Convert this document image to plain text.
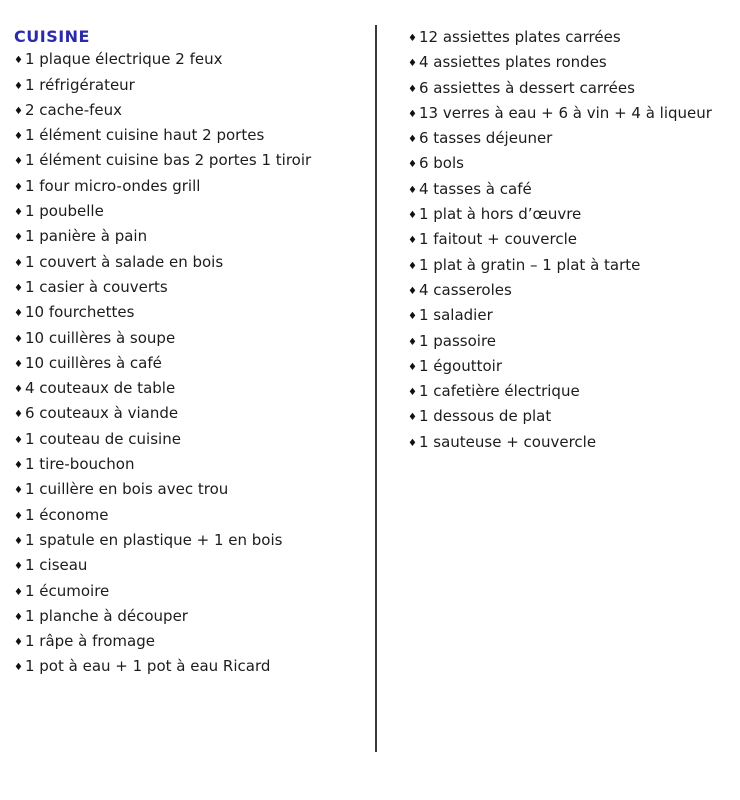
CUISINE
♦ 1 plaque électrique 2 feux
♦ 1 réfrigérateur
♦ 2 cache-feux
♦ 1 élément cuisine haut 2 portes
♦ 1 élément cuisine bas 2 portes 1 tiroir
♦ 1 four micro-ondes grill
♦ 1 poubelle
♦ 1 panière à pain
♦ 1 couvert à salade en bois
♦ 1 casier à couverts
♦ 10 fourchettes
♦ 10 cuillères à soupe
♦ 10 cuillères à café
♦ 4 couteaux de table
♦ 6 couteaux à viande
♦ 1 couteau de cuisine
♦ 1 tire-bouchon
♦ 1 cuillère en bois avec trou
♦ 1 économe
♦ 1 spatule en plastique + 1 en bois
♦ 1 ciseau
♦ 1 écumoire
♦ 1 planche à découper
♦ 1 râpe à fromage
♦ 1 pot à eau + 1 pot à eau Ricard
♦ 12 assiettes plates carrées
♦ 4 assiettes plates rondes
♦ 6 assiettes à dessert carrées
♦ 13 verres à eau + 6 à vin + 4 à liqueur
♦ 6 tasses déjeuner
♦ 6 bols
♦ 4 tasses à café
♦ 1 plat à hors d’œuvre
♦ 1 faitout + couvercle
♦ 1 plat à gratin – 1 plat à tarte
♦ 4 casseroles
♦ 1 saladier
♦ 1 passoire
♦ 1 égouttoir
♦ 1 cafetière électrique
♦ 1 dessous de plat
♦ 1 sauteuse + couvercle
